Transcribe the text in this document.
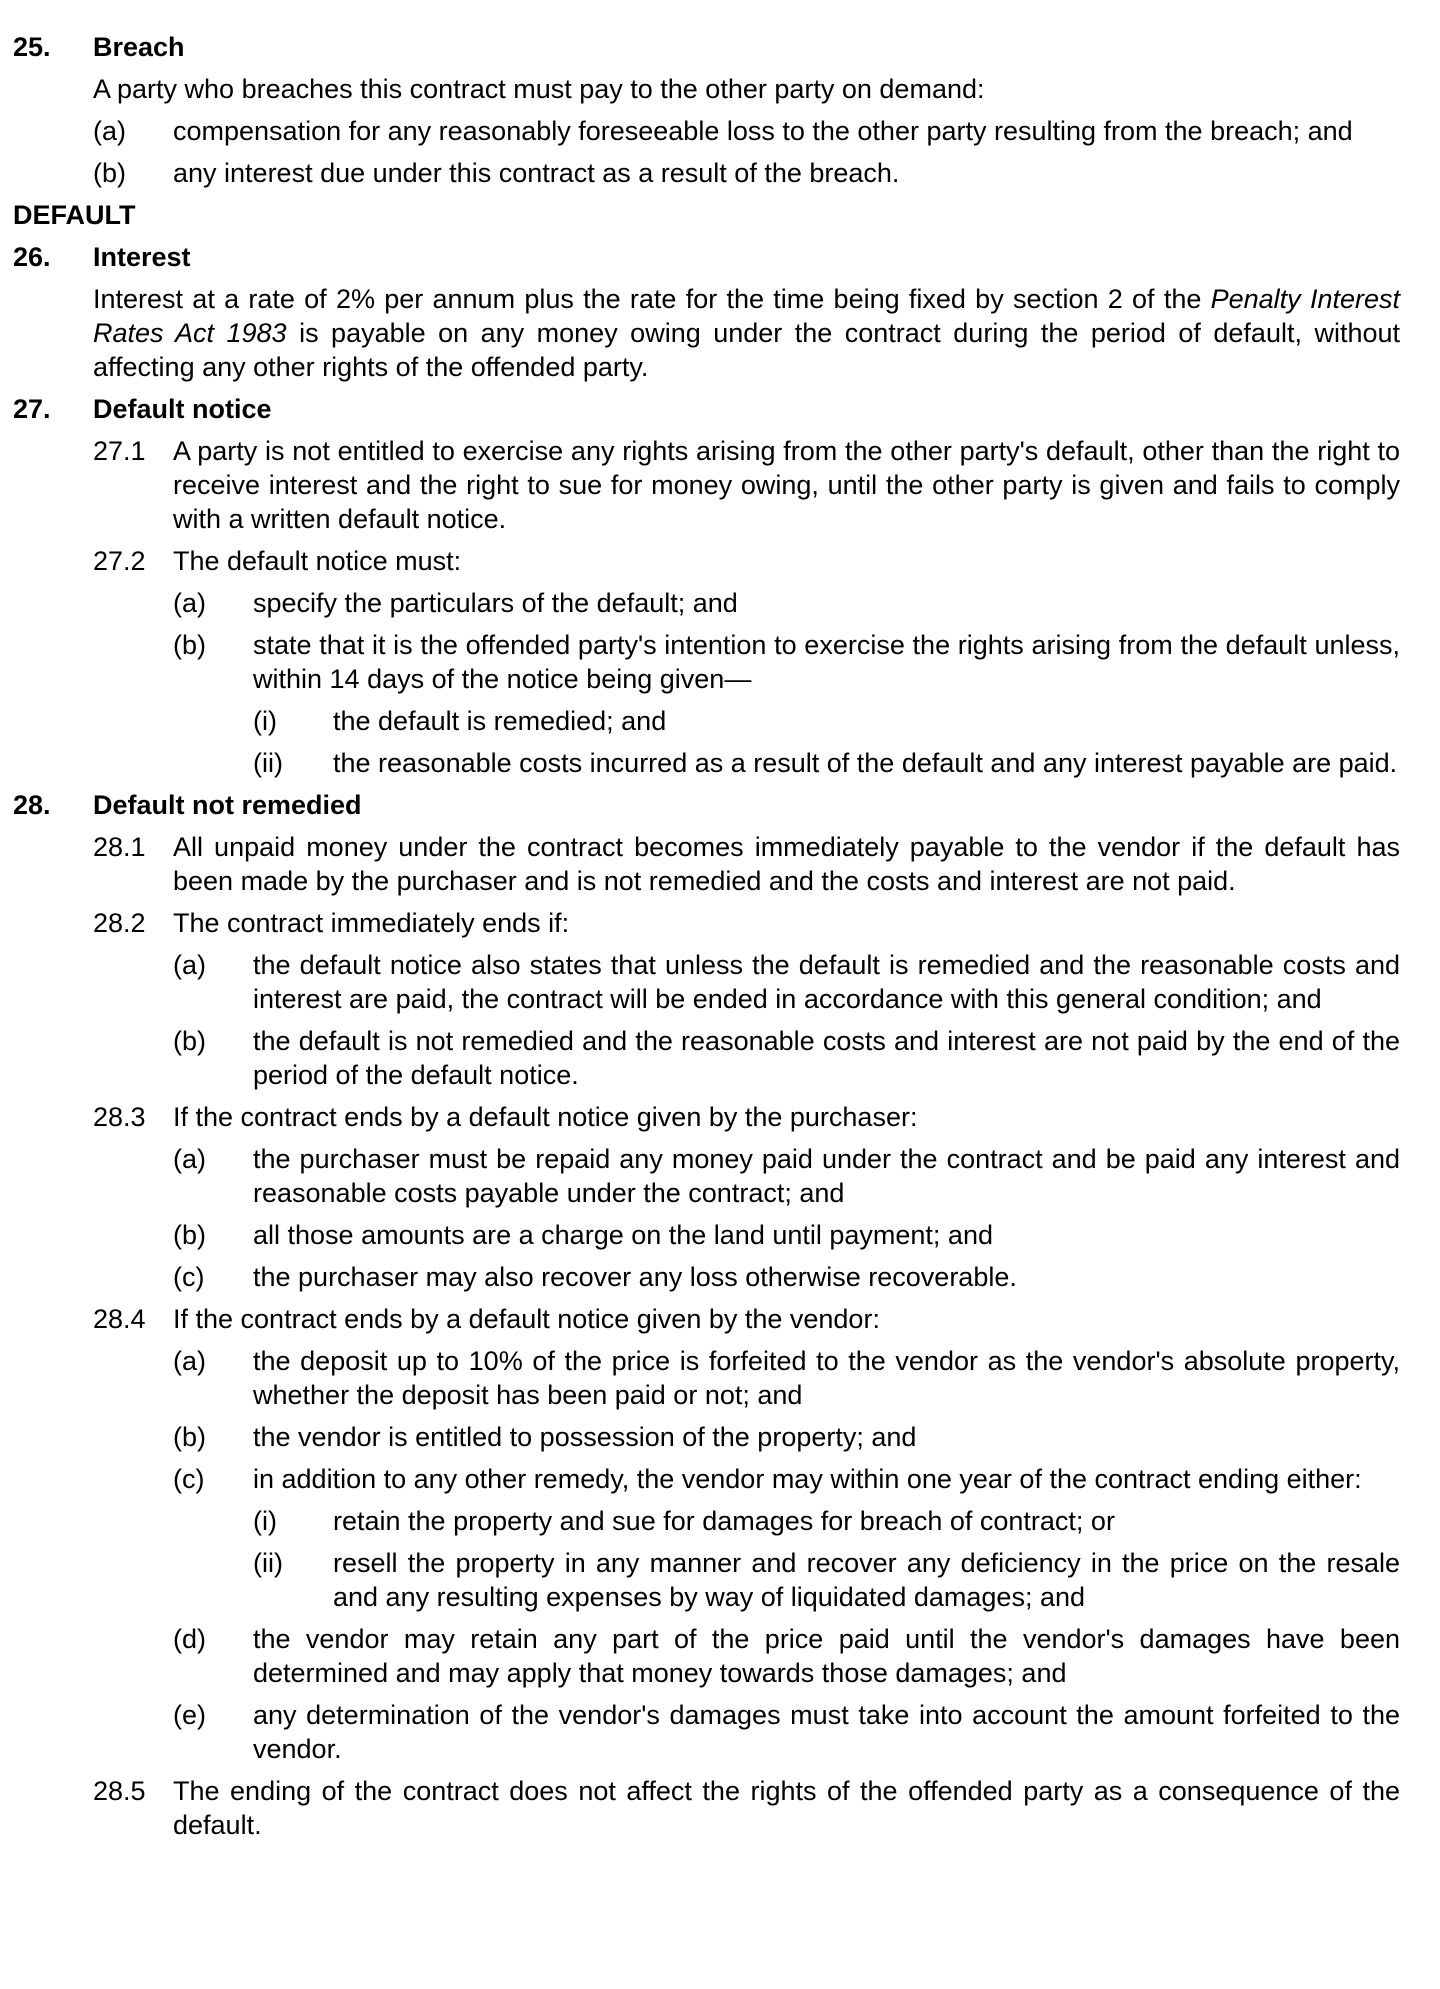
25.	Breach
A party who breaches this contract must pay to the other party on demand:
(a)	compensation for any reasonably foreseeable loss to the other party resulting from the breach; and
(b)	any interest due under this contract as a result of the breach.
DEFAULT
26.	Interest
Interest at a rate of 2% per annum plus the rate for the time being fixed by section 2 of the Penalty Interest Rates Act 1983 is payable on any money owing under the contract during the period of default, without affecting any other rights of the offended party.
27.	Default notice
27.1	A party is not entitled to exercise any rights arising from the other party's default, other than the right to receive interest and the right to sue for money owing, until the other party is given and fails to comply with a written default notice.
27.2	The default notice must:
(a)	specify the particulars of the default; and
(b)	state that it is the offended party's intention to exercise the rights arising from the default unless, within 14 days of the notice being given—
(i)	the default is remedied; and
(ii)	the reasonable costs incurred as a result of the default and any interest payable are paid.
28.	Default not remedied
28.1	All unpaid money under the contract becomes immediately payable to the vendor if the default has been made by the purchaser and is not remedied and the costs and interest are not paid.
28.2	The contract immediately ends if:
(a)	the default notice also states that unless the default is remedied and the reasonable costs and interest are paid, the contract will be ended in accordance with this general condition; and
(b)	the default is not remedied and the reasonable costs and interest are not paid by the end of the period of the default notice.
28.3	If the contract ends by a default notice given by the purchaser:
(a)	the purchaser must be repaid any money paid under the contract and be paid any interest and reasonable costs payable under the contract; and
(b)	all those amounts are a charge on the land until payment; and
(c)	the purchaser may also recover any loss otherwise recoverable.
28.4	If the contract ends by a default notice given by the vendor:
(a)	the deposit up to 10% of the price is forfeited to the vendor as the vendor's absolute property, whether the deposit has been paid or not; and
(b)	the vendor is entitled to possession of the property; and
(c)	in addition to any other remedy, the vendor may within one year of the contract ending either:
(i)	retain the property and sue for damages for breach of contract; or
(ii)	resell the property in any manner and recover any deficiency in the price on the resale and any resulting expenses by way of liquidated damages; and
(d)	the vendor may retain any part of the price paid until the vendor's damages have been determined and may apply that money towards those damages; and
(e)	any determination of the vendor's damages must take into account the amount forfeited to the vendor.
28.5	The ending of the contract does not affect the rights of the offended party as a consequence of the default.
